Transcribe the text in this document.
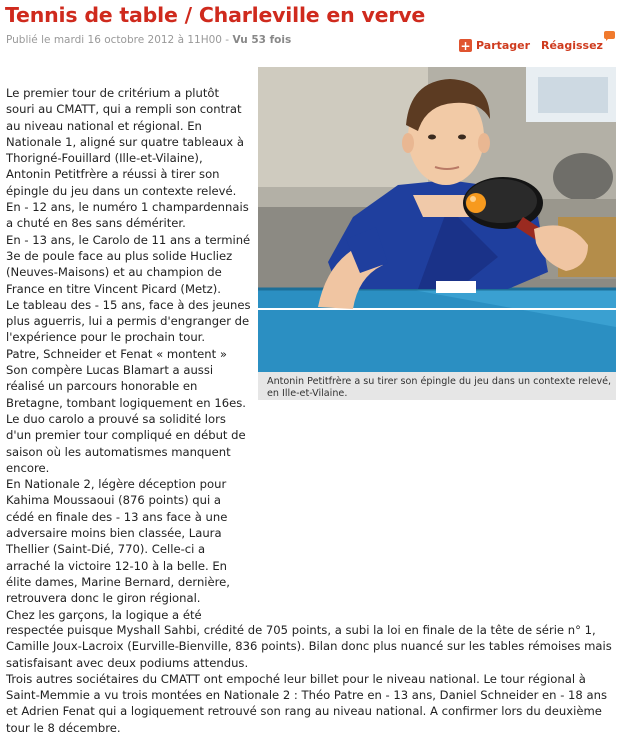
Tennis de table / Charleville en verve
Publié le mardi 16 octobre 2012 à 11H00 - Vu 53 fois	+ Partager Réagissez

Le premier tour de critérium a plutôt souri au CMATT, qui a rempli son contrat au niveau national et régional. En Nationale 1, aligné sur quatre tableaux à Thorigné-Fouillard (Ille-et-Vilaine), Antonin Petitfrère a réussi à tirer son épingle du jeu dans un contexte relevé. En - 12 ans, le numéro 1 champardennais a chuté en 8es sans démériter.

En - 13 ans, le Carolo de 11 ans a terminé 3e de poule face au plus solide Hucliez (Neuves-Maisons) et au champion de France en titre Vincent Picard (Metz).

Le tableau des - 15 ans, face à des jeunes plus aguerris, lui a permis d'engranger de l'expérience pour le prochain tour.

Patre, Schneider et Fenat « montent »

Son compère Lucas Blamart a aussi réalisé un parcours honorable en Bretagne, tombant logiquement en 16es.

Le duo carolo a prouvé sa solidité lors d'un premier tour compliqué en début de saison où les automatismes manquent encore.

En Nationale 2, légère déception pour Kahima Moussaoui (876 points) qui a cédé en finale des - 13 ans face à une adversaire moins bien classée, Laura Thellier (Saint-Dié, 770). Celle-ci a arraché la victoire 12-10 à la belle. En élite dames, Marine Bernard, dernière, retrouvera donc le giron régional.

Chez les garçons, la logique a été

respectée puisque Myshall Sahbi, crédité de 705 points, a subi la loi en finale de la tête de série n° 1, Camille Joux-Lacroix (Eurville-Bienville, 836 points). Bilan donc plus nuancé sur les tables rémoises mais satisfaisant avec deux podiums attendus.

Trois autres sociétaires du CMATT ont empoché leur billet pour le niveau national. Le tour régional à Saint-Memmie a vu trois montées en Nationale 2 : Théo Patre en - 13 ans, Daniel Schneider en - 18 ans et Adrien Fenat qui a logiquement retrouvé son rang au niveau national. A confirmer lors du deuxième tour le 8 décembre.

Antonin Petitfrère a su tirer son épingle du jeu dans un contexte relevé, en Ille-et-Vilaine.
